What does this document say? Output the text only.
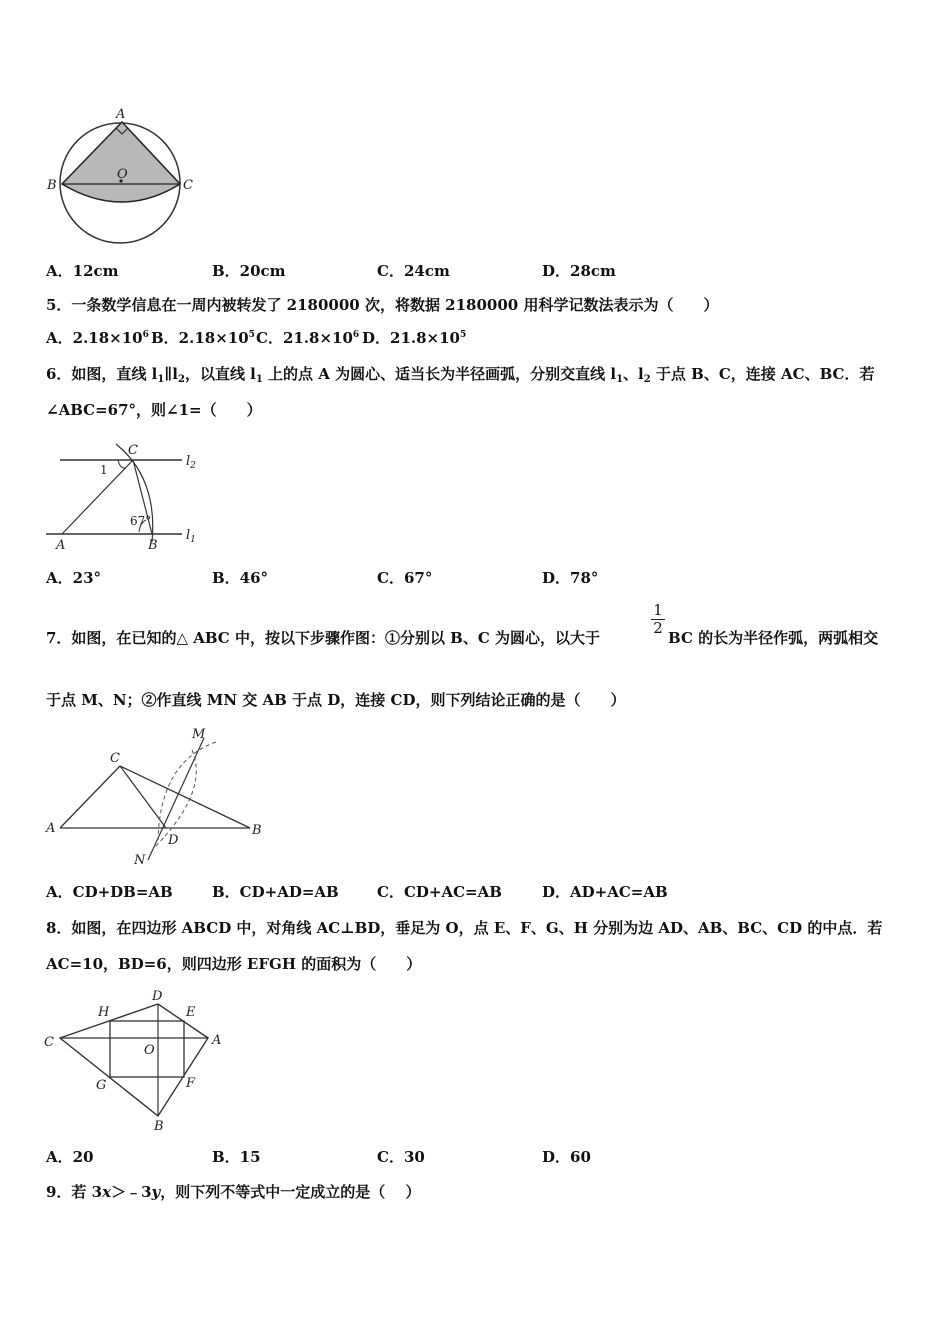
A
B	C
O
A．12cm	B．20cm	C．24cm	D．28cm
5．一条数学信息在一周内被转发了 2180000 次，将数据 2180000 用科学记数法表示为（　　）
A．$2.18\times 10^6$ B．$2.18\times 10^5$ C．$21.8\times 10^6$ D．$21.8\times 10^5$
6．如图，直线 $l_1\parallel l_2$，以直线 $l_1$ 上的点 A 为圆心、适当长为半径画弧，分别交直线 $l_1$、$l_2$ 于点 B、C，连接 AC、BC．若
∠ABC=67°，则∠1=（　　）
C
A	B
1
67°
$l_2$
$l_1$
A．23°	B．46°	C．67°	D．78°
7．如图，在已知的△ ABC 中，按以下步骤作图：①分别以 B、C 为圆心，以大于
$\frac{1}{2}$
BC 的长为半径作弧，两弧相交
于点 M、N；②作直线 MN 交 AB 于点 D，连接 CD，则下列结论正确的是（　　）
A	B
C
D
M
N
A．CD+DB=AB	B．CD+AD=AB	C．CD+AC=AB	D．AD+AC=AB
8．如图，在四边形 ABCD 中，对角线 AC⊥BD，垂足为 O，点 E、F、G、H 分别为边 AD、AB、BC、CD 的中点．若
AC=10，BD=6，则四边形 EFGH 的面积为（　　）
C
D
A
B
H	E
G	F
O
A．20	B．15	C．30	D．60
9．若 3x＞﹣3y，则下列不等式中一定成立的是（　 ）
